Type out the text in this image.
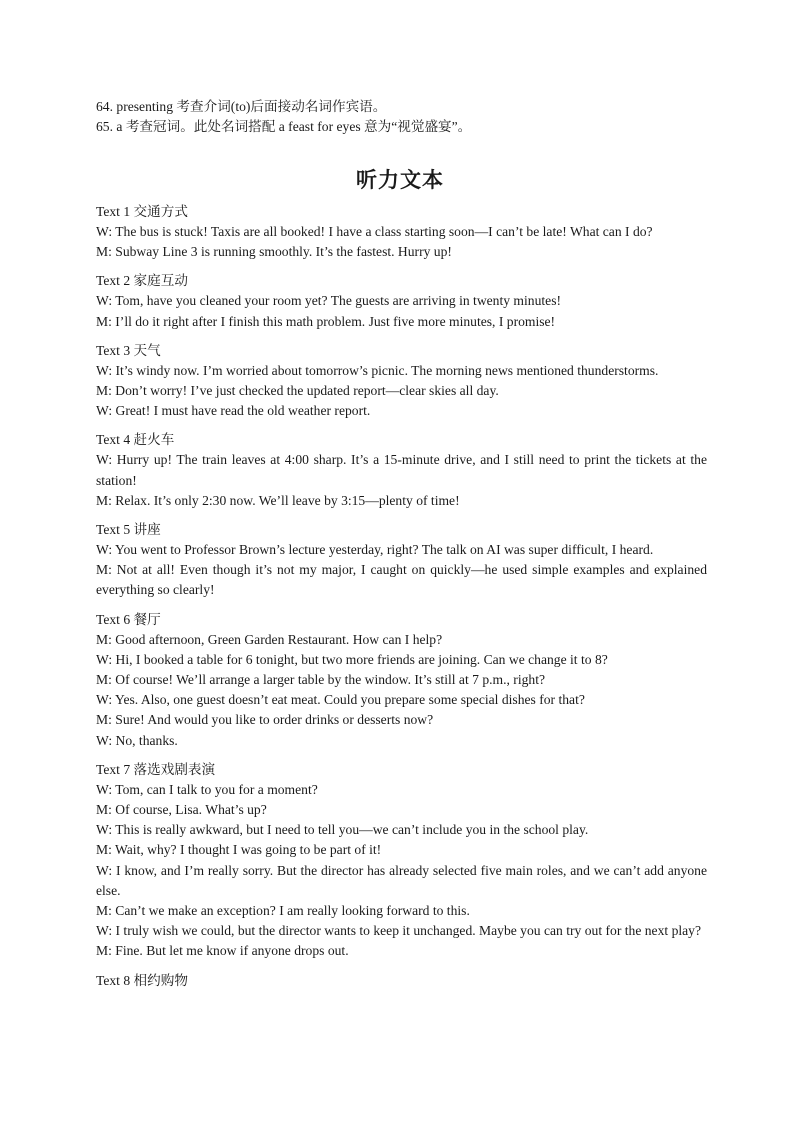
64. presenting 考查介词(to)后面接动名词作宾语。
65. a 考查冠词。此处名词搭配 a feast for eyes 意为“视觉盛宴”。
听力文本
Text 1 交通方式
W: The bus is stuck! Taxis are all booked! I have a class starting soon—I can’t be late! What can I do?
M: Subway Line 3 is running smoothly. It’s the fastest. Hurry up!
Text 2 家庭互动
W: Tom, have you cleaned your room yet? The guests are arriving in twenty minutes!
M: I’ll do it right after I finish this math problem. Just five more minutes, I promise!
Text 3 天气
W: It’s windy now. I’m worried about tomorrow’s picnic. The morning news mentioned thunderstorms.
M: Don’t worry! I’ve just checked the updated report—clear skies all day.
W: Great! I must have read the old weather report.
Text 4 赶火车
W: Hurry up! The train leaves at 4:00 sharp. It’s a 15-minute drive, and I still need to print the tickets at the station!
M: Relax. It’s only 2:30 now. We’ll leave by 3:15—plenty of time!
Text 5 讲座
W: You went to Professor Brown’s lecture yesterday, right? The talk on AI was super difficult, I heard.
M: Not at all! Even though it’s not my major, I caught on quickly—he used simple examples and explained everything so clearly!
Text 6 餐厅
M: Good afternoon, Green Garden Restaurant. How can I help?
W: Hi, I booked a table for 6 tonight, but two more friends are joining. Can we change it to 8?
M: Of course! We’ll arrange a larger table by the window. It’s still at 7 p.m., right?
W: Yes. Also, one guest doesn’t eat meat. Could you prepare some special dishes for that?
M: Sure! And would you like to order drinks or desserts now?
W: No, thanks.
Text 7 落选戏剧表演
W: Tom, can I talk to you for a moment?
M: Of course, Lisa. What’s up?
W: This is really awkward, but I need to tell you—we can’t include you in the school play.
M: Wait, why? I thought I was going to be part of it!
W: I know, and I’m really sorry. But the director has already selected five main roles, and we can’t add anyone else.
M: Can’t we make an exception? I am really looking forward to this.
W: I truly wish we could, but the director wants to keep it unchanged. Maybe you can try out for the next play?
M: Fine. But let me know if anyone drops out.
Text 8 相约购物
